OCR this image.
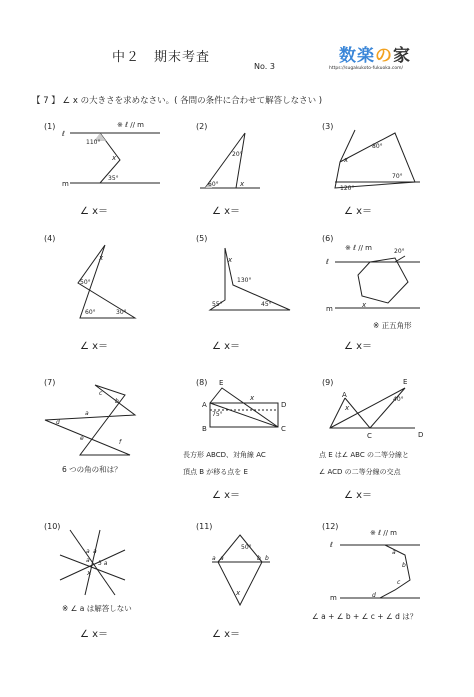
中２　期末考査
No. 3
数楽の家
https://sugakukoto-fukuoka.com/
【 7 】 ∠ x の大きさを求めなさい。( 各問の条件に合わせて解答しなさい )
(1)	(2)	(3)
(4)	(5)	(6)
(7)	(8)	(9)
(10)	(11)	(12)
ℓ
m
※ ℓ // m
110°
35°
x	20°
60°	x
80°
70°
120°
x
x
50°
60°	30°
x
130°
55°	45°
ℓ
m
※ ℓ // m	20°
x
※ 正五角形
c
b
a
d
e
f
6 つの角の和は？
E
A
B	C
D
75°
x
長方形 ABCD、対角線 AC
頂点 B が移る点を E
A
E
C	D
40°
x
点 E は∠ ABC の二等分線と
∠ ACD の二等分線の交点
a a
a 5 a
x
※ ∠ a は解答しない
50°
a a	b b
x
ℓ
m
※ ℓ // m
a
b
c
d
∠ a + ∠ b + ∠ c + ∠ d は？
∠ x＝	∠ x＝	∠ x＝
∠ x＝	∠ x＝	∠ x＝
∠ x＝	∠ x＝
∠ x＝	∠ x＝
